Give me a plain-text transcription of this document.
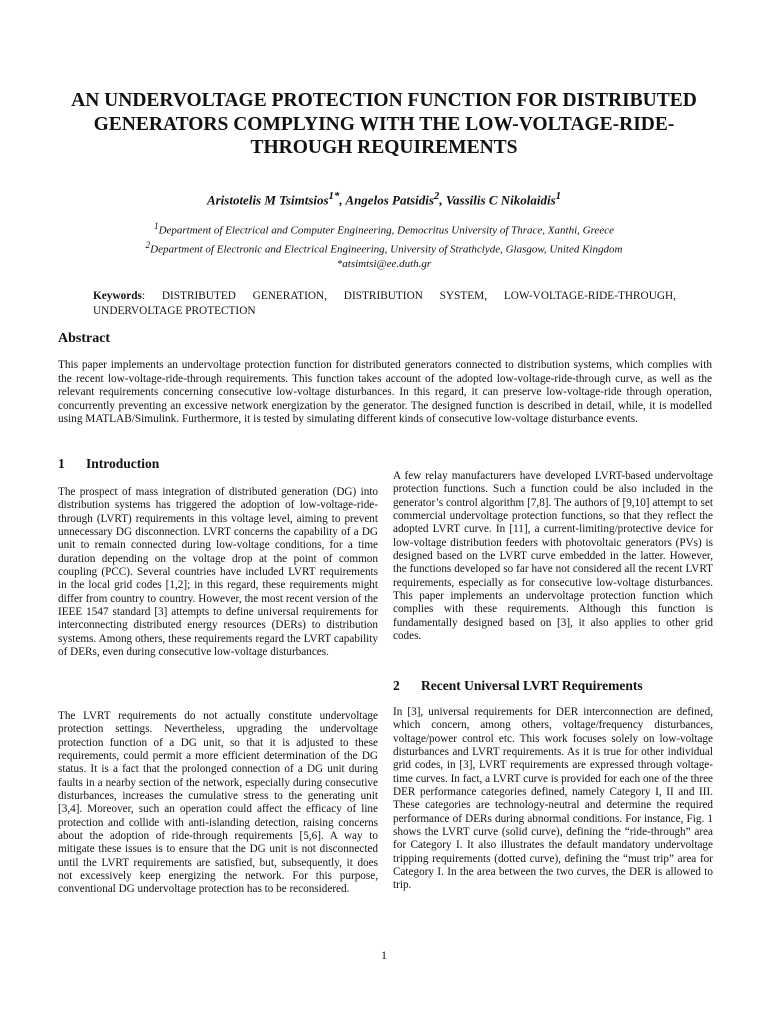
AN UNDERVOLTAGE PROTECTION FUNCTION FOR DISTRIBUTED GENERATORS COMPLYING WITH THE LOW-VOLTAGE-RIDE-THROUGH REQUIREMENTS
Aristotelis M Tsimtsios$^{1*}$, Angelos Patsidis$^2$, Vassilis C Nikolaidis$^1$
$^1$Department of Electrical and Computer Engineering, Democritus University of Thrace, Xanthi, Greece
$^2$Department of Electronic and Electrical Engineering, University of Strathclyde, Glasgow, United Kingdom
*atsimtsi@ee.duth.gr
Keywords: DISTRIBUTED GENERATION, DISTRIBUTION SYSTEM, LOW-VOLTAGE-RIDE-THROUGH, UNDERVOLTAGE PROTECTION
Abstract

This paper implements an undervoltage protection function for distributed generators connected to distribution systems, which complies with the recent low-voltage-ride-through requirements. This function takes account of the adopted low-voltage-ride-through curve, as well as the relevant requirements concerning consecutive low-voltage disturbances. In this regard, it can preserve low-voltage-ride through operation, concurrently preventing an excessive network energization by the generator. The designed function is described in detail, while, it is modelled using MATLAB/Simulink. Furthermore, it is tested by simulating different kinds of consecutive low-voltage disturbance events.

1 Introduction

The prospect of mass integration of distributed generation (DG) into distribution systems has triggered the adoption of low-voltage-ride-through (LVRT) requirements in this voltage level, aiming to prevent unnecessary DG disconnection. LVRT concerns the capability of a DG unit to remain connected during low-voltage conditions, for a time duration depending on the voltage drop at the point of common coupling (PCC). Several countries have included LVRT requirements in the local grid codes [1,2]; in this regard, these requirements might differ from country to country. However, the most recent version of the IEEE 1547 standard [3] attempts to define universal requirements for interconnecting distributed energy resources (DERs) to distribution systems. Among others, these requirements regard the LVRT capability of DERs, even during consecutive low-voltage disturbances.

The LVRT requirements do not actually constitute undervoltage protection settings. Nevertheless, upgrading the undervoltage protection function of a DG unit, so that it is adjusted to these requirements, could permit a more efficient determination of the DG status. It is a fact that the prolonged connection of a DG unit during faults in a nearby section of the network, especially during consecutive disturbances, increases the cumulative stress to the generating unit [3,4]. Moreover, such an operation could affect the efficacy of line protection and collide with anti-islanding detection, raising concerns about the adoption of ride-through requirements [5,6]. A way to mitigate these issues is to ensure that the DG unit is not disconnected until the LVRT requirements are satisfied, but, subsequently, it does not excessively keep energizing the network. For this purpose, conventional DG undervoltage protection has to be reconsidered.

A few relay manufacturers have developed LVRT-based undervoltage protection functions. Such a function could be also included in the generator’s control algorithm [7,8]. The authors of [9,10] attempt to set commercial undervoltage protection functions, so that they reflect the adopted LVRT curve. In [11], a current-limiting/protective device for low-voltage distribution feeders with photovoltaic generators (PVs) is designed based on the LVRT curve embedded in the latter. However, the functions developed so far have not considered all the recent LVRT requirements, especially as for consecutive low-voltage disturbances. This paper implements an undervoltage protection function which complies with these requirements. Although this function is fundamentally designed based on [3], it also applies to other grid codes.

2 Recent Universal LVRT Requirements

In [3], universal requirements for DER interconnection are defined, which concern, among others, voltage/frequency disturbances, voltage/power control etc. This work focuses solely on low-voltage disturbances and LVRT requirements. As it is true for other individual grid codes, in [3], LVRT requirements are expressed through voltage-time curves. In fact, a LVRT curve is provided for each one of the three DER performance categories defined, namely Category I, II and III. These categories are technology-neutral and determine the required performance of DERs during abnormal conditions. For instance, Fig. 1 shows the LVRT curve (solid curve), defining the “ride-through” area for Category I. It also illustrates the default mandatory undervoltage tripping requirements (dotted curve), defining the “must trip” area for Category I. In the area between the two curves, the DER is allowed to trip.

1
